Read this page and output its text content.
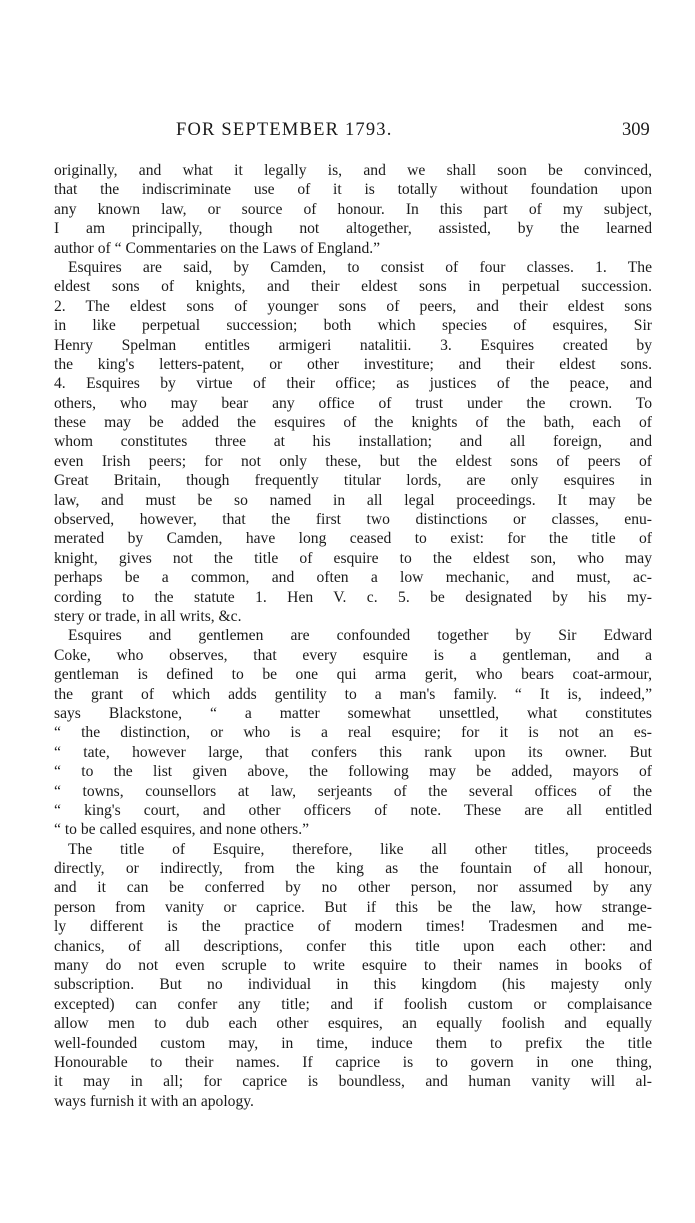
FOR SEPTEMBER 1793.	309
originally, and what it legally is, and we shall soon be convinced,
that the indiscriminate use of it is totally without foundation upon
any known law, or source of honour. In this part of my subject,
I am principally, though not altogether, assisted, by the learned
author of “ Commentaries on the Laws of England.”
Esquires are said, by Camden, to consist of four classes. 1. The
eldest sons of knights, and their eldest sons in perpetual succession.
2. The eldest sons of younger sons of peers, and their eldest sons
in like perpetual succession; both which species of esquires, Sir
Henry Spelman entitles armigeri natalitii. 3. Esquires created by
the king's letters-patent, or other investiture; and their eldest sons.
4. Esquires by virtue of their office; as justices of the peace, and
others, who may bear any office of trust under the crown. To
these may be added the esquires of the knights of the bath, each of
whom constitutes three at his installation; and all foreign, and
even Irish peers; for not only these, but the eldest sons of peers of
Great Britain, though frequently titular lords, are only esquires in
law, and must be so named in all legal proceedings. It may be
observed, however, that the first two distinctions or classes, enu-
merated by Camden, have long ceased to exist: for the title of
knight, gives not the title of esquire to the eldest son, who may
perhaps be a common, and often a low mechanic, and must, ac-
cording to the statute 1. Hen V. c. 5. be designated by his my-
stery or trade, in all writs, &c.
Esquires and gentlemen are confounded together by Sir Edward
Coke, who observes, that every esquire is a gentleman, and a
gentleman is defined to be one qui arma gerit, who bears coat-armour,
the grant of which adds gentility to a man's family. “ It is, indeed,”
says Blackstone, “ a matter somewhat unsettled, what constitutes
“ the distinction, or who is a real esquire; for it is not an es-
“ tate, however large, that confers this rank upon its owner. But
“ to the list given above, the following may be added, mayors of
“ towns, counsellors at law, serjeants of the several offices of the
“ king's court, and other officers of note. These are all entitled
“ to be called esquires, and none others.”
The title of Esquire, therefore, like all other titles, proceeds
directly, or indirectly, from the king as the fountain of all honour,
and it can be conferred by no other person, nor assumed by any
person from vanity or caprice. But if this be the law, how strange-
ly different is the practice of modern times! Tradesmen and me-
chanics, of all descriptions, confer this title upon each other: and
many do not even scruple to write esquire to their names in books of
subscription. But no individual in this kingdom (his majesty only
excepted) can confer any title; and if foolish custom or complaisance
allow men to dub each other esquires, an equally foolish and equally
well-founded custom may, in time, induce them to prefix the title
Honourable to their names. If caprice is to govern in one thing,
it may in all; for caprice is boundless, and human vanity will al-
ways furnish it with an apology.
